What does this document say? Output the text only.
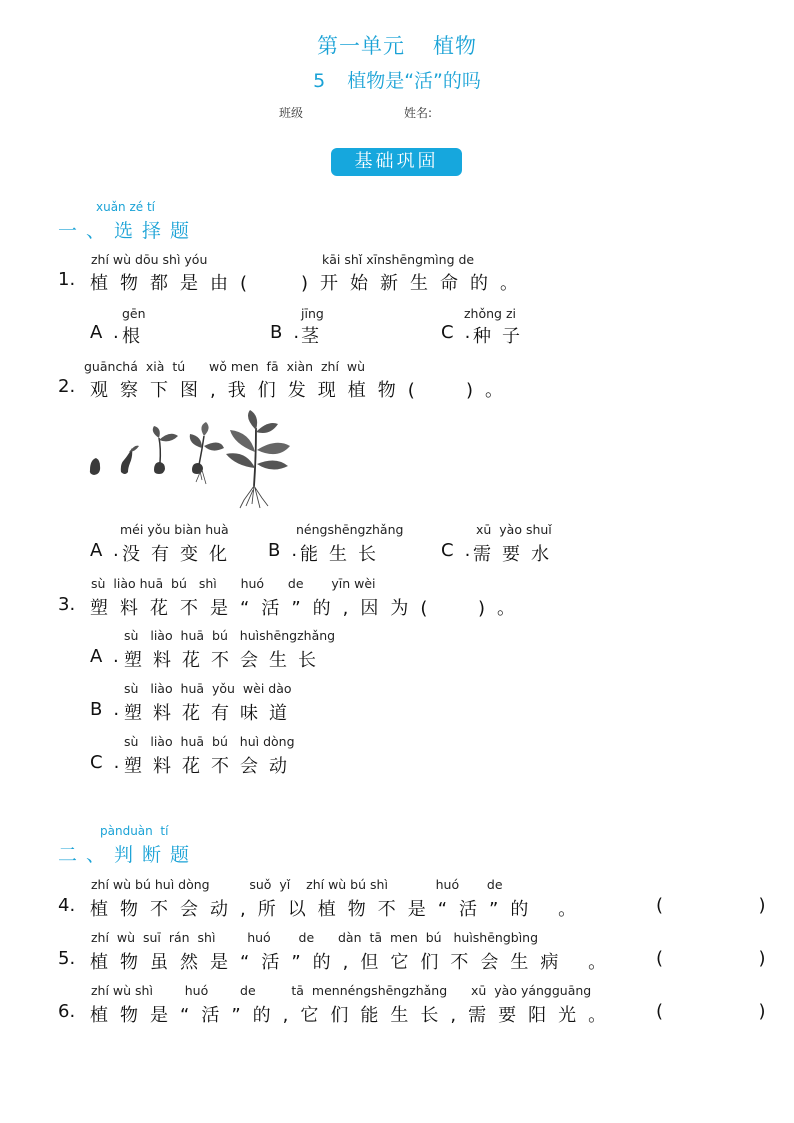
第一单元 植物
5 植物是“活”的吗
班级	姓名:
基础巩固
xuǎn zé tí
一、选择题
zhí wù dōu shì yóu	kāi shǐ xīnshēngmìng de
1. 植物都是由( )开始新生命的。
gēn
A.
根
jīng
B.
茎
zhǒng zi
C.
种子
guānchá  xià  tú      wǒ men  fā  xiàn  zhí  wù
2. 观察下图,我们发现植物( )。
méi yǒu biàn huà
A.
没有变化
néngshēngzhǎng
B.
能生长
xū  yào shuǐ
C.
需要水
sù  liào huā  bú   shì      huó      de       yīn wèi
3. 塑料花不是“活”的,因为( )。
sù   liào  huā  bú   huìshēngzhǎng
A.
塑料花不会生长
sù   liào  huā  yǒu  wèi dào
B.
塑料花有味道
sù   liào  huā  bú   huì dòng
C.
塑料花不会动
pànduàn  tí
二、判断题
zhí wù bú huì dòng          suǒ  yǐ    zhí wù bú shì            huó       de
4. 植物不会动,所以植物不是“活”的 。	(  )
zhí  wù  suī  rán  shì        huó       de      dàn  tā  men  bú   huìshēngbìng
5. 植物虽然是“活”的,但它们不会生病 。 (  )
zhí wù shì        huó        de         tā  mennéngshēngzhǎng      xū  yào yángguāng
6. 植物是“活”的,它们能生长,需要阳光。 (  )
